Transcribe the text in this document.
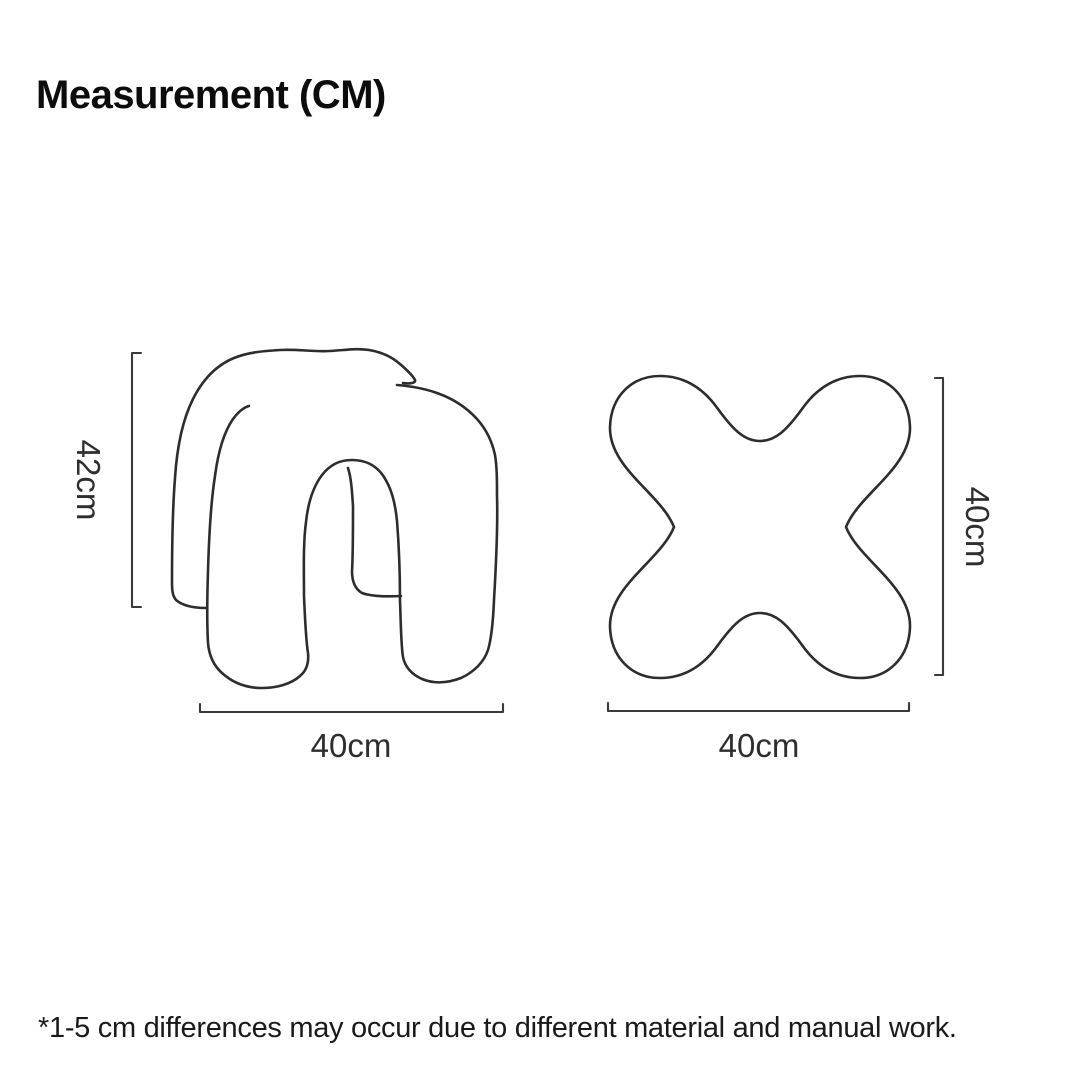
Measurement (CM)
42cm
40cm
40cm	40cm
*1-5 cm differences may occur due to different material and manual work.
